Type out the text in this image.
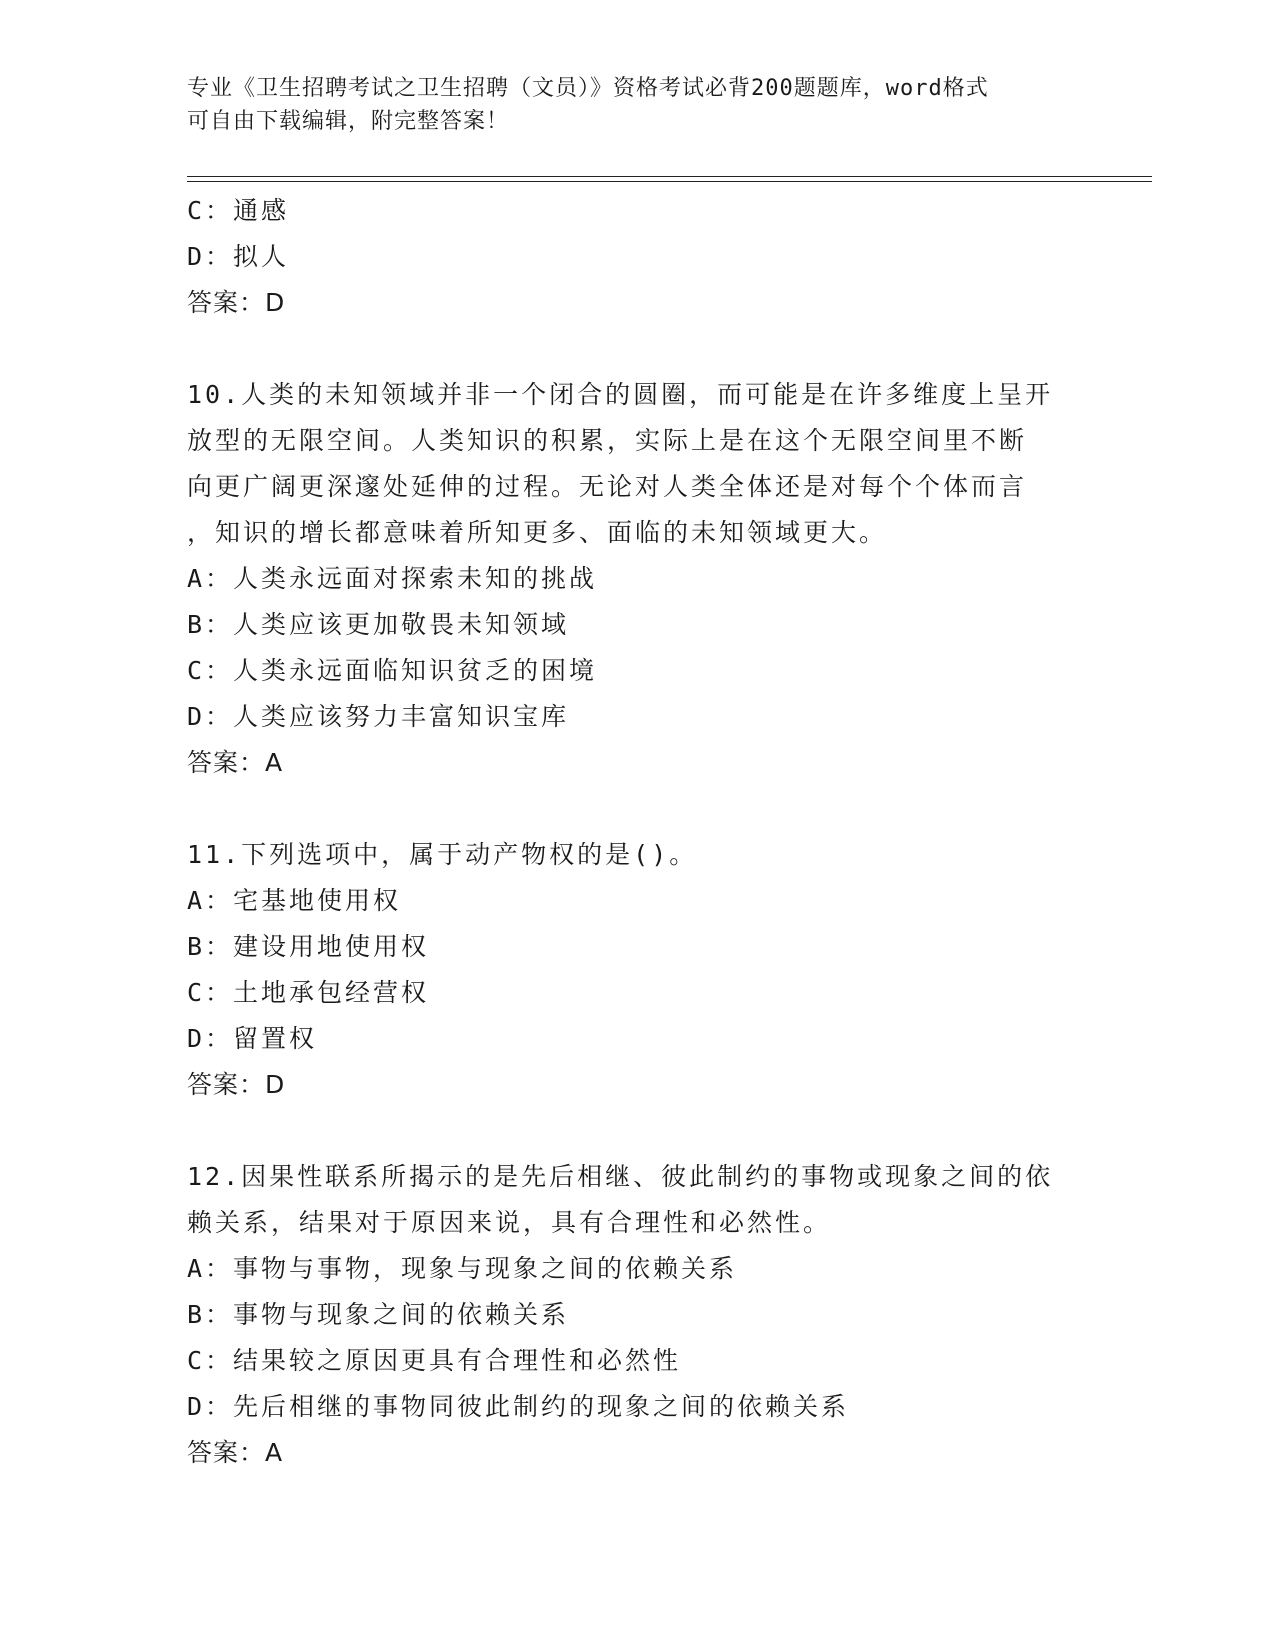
专业《卫生招聘考试之卫生招聘（文员）》资格考试必背200题题库，word格式
可自由下载编辑，附完整答案！
C：通感
D：拟人
答案：D
10.人类的未知领域并非一个闭合的圆圈，而可能是在许多维度上呈开
放型的无限空间。人类知识的积累，实际上是在这个无限空间里不断
向更广阔更深邃处延伸的过程。无论对人类全体还是对每个个体而言
，知识的增长都意味着所知更多、面临的未知领域更大。
A：人类永远面对探索未知的挑战
B：人类应该更加敬畏未知领域
C：人类永远面临知识贫乏的困境
D：人类应该努力丰富知识宝库
答案：A
11.下列选项中，属于动产物权的是()。
A：宅基地使用权
B：建设用地使用权
C：土地承包经营权
D：留置权
答案：D
12.因果性联系所揭示的是先后相继、彼此制约的事物或现象之间的依
赖关系，结果对于原因来说，具有合理性和必然性。
A：事物与事物，现象与现象之间的依赖关系
B：事物与现象之间的依赖关系
C：结果较之原因更具有合理性和必然性
D：先后相继的事物同彼此制约的现象之间的依赖关系
答案：A
